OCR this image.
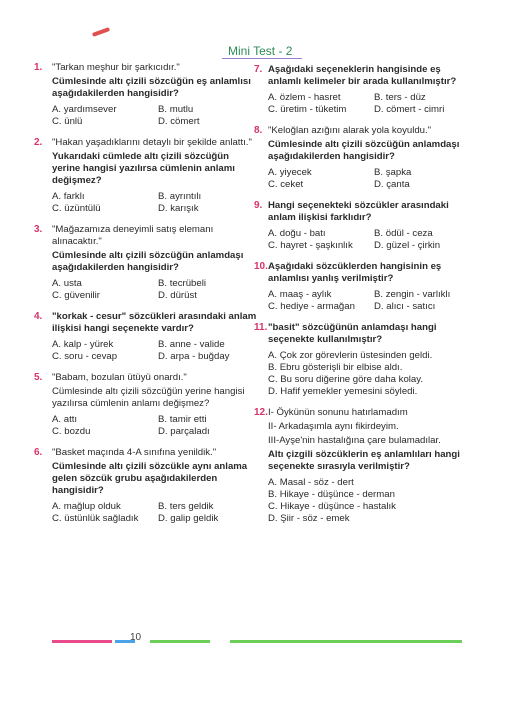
Mini Test - 2
1. "Tarkan meşhur bir şarkıcıdır."
Cümlesinde altı çizili sözcüğün eş anlamlısı aşağıdakilerden hangisidir?
A. yardımsever	B. mutlu
C. ünlü	D. cömert
2. "Hakan yaşadıklarını detaylı bir şekilde anlattı."
Yukarıdaki cümlede altı çizili sözcüğün yerine hangisi yazılırsa cümlenin anlamı değişmez?
A. farklı	B. ayrıntılı
C. üzüntülü	D. karışık
3. "Mağazamıza deneyimli satış elemanı alınacaktır."
Cümlesinde altı çizili sözcüğün anlamdaşı aşağıdakilerden hangisidir?
A. usta	B. tecrübeli
C. güvenilir	D. dürüst
4. "korkak - cesur" sözcükleri arasındaki anlam ilişkisi hangi seçenekte vardır?
A. kalp - yürek	B. anne - valide
C. soru - cevap	D. arpa - buğday
5. "Babam, bozulan ütüyü onardı."
Cümlesinde altı çizili sözcüğün yerine hangisi yazılırsa cümlenin anlamı değişmez?
A. attı	B. tamir etti
C. bozdu	D. parçaladı
6. "Basket maçında 4-A sınıfına yenildik."
Cümlesinde altı çizili sözcükle aynı anlama gelen sözcük grubu aşağıdakilerden hangisidir?
A. mağlup olduk	B. ters geldik
C. üstünlük sağladık	D. galip geldik
7. Aşağıdaki seçeneklerin hangisinde eş anlamlı kelimeler bir arada kullanılmıştır?
A. özlem - hasret	B. ters - düz
C. üretim - tüketim	D. cömert - cimri
8. "Keloğlan azığını alarak yola koyuldu."
Cümlesinde altı çizili sözcüğün anlamdaşı aşağıdakilerden hangisidir?
A. yiyecek	B. şapka
C. ceket	D. çanta
9. Hangi seçenekteki sözcükler arasındaki anlam ilişkisi farklıdır?
A. doğu - batı	B. ödül - ceza
C. hayret - şaşkınlık	D. güzel - çirkin
10. Aşağıdaki sözcüklerden hangisinin eş anlamlısı yanlış verilmiştir?
A. maaş - aylık	B. zengin - varlıklı
C. hediye - armağan	D. alıcı - satıcı
11. "basit" sözcüğünün anlamdaşı hangi seçenekte kullanılmıştır?
A. Çok zor görevlerin üstesinden geldi.
B. Ebru gösterişli bir elbise aldı.
C. Bu soru diğerine göre daha kolay.
D. Hafif yemekler yemesini söyledi.
12. I- Öykünün sonunu hatırlamadım
II- Arkadaşımla aynı fikirdeyim.
III-Ayşe'nin hastalığına çare bulamadılar.
Altı çizgili sözcüklerin eş anlamlıları hangi seçenekte sırasıyla verilmiştir?
A. Masal - söz - dert
B. Hikaye - düşünce - derman
C. Hikaye - düşünce - hastalık
D. Şiir - söz - emek
10
